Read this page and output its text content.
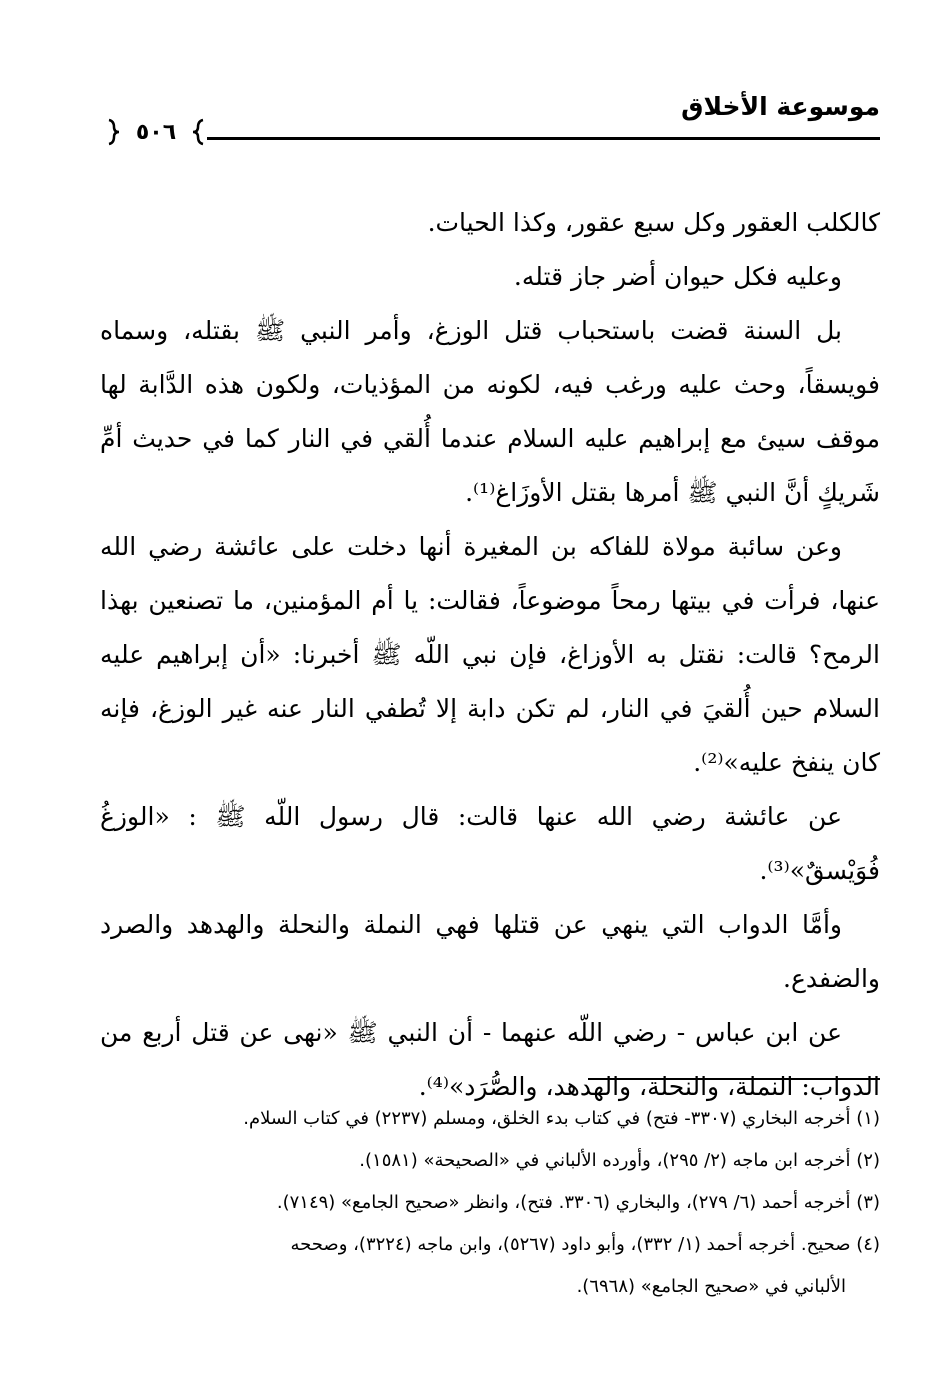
موسوعة الأخلاق
٥٠٦

كالكلب العقور وكل سبع عقور، وكذا الحيات.

وعليه فكل حيوان أضر جاز قتله.

بل السنة قضت باستحباب قتل الوزغ، وأمر النبي ﷺ بقتله، وسماه فويسقاً، وحث عليه ورغب فيه، لكونه من المؤذيات، ولكون هذه الدَّابة لها موقف سيئ مع إبراهيم عليه السلام عندما أُلقي في النار كما في حديث أمِّ شَريكٍ أنَّ النبي ﷺ أمرها بقتل الأوزَاغ⁽¹⁾.

وعن سائبة مولاة للفاكه بن المغيرة أنها دخلت على عائشة رضي الله عنها، فرأت في بيتها رمحاً موضوعاً، فقالت: يا أم المؤمنين، ما تصنعين بهذا الرمح؟ قالت: نقتل به الأوزاغ، فإن نبي اللّه ﷺ أخبرنا: «أن إبراهيم عليه السلام حين أُلقيَ في النار، لم تكن دابة إلا تُطفي النار عنه غير الوزغ، فإنه كان ينفخ عليه»⁽²⁾.

عن عائشة رضي الله عنها قالت: قال رسول اللّه ﷺ : «الوزغُ فُوَيْسقٌ»⁽³⁾.

وأمَّا الدواب التي ينهي عن قتلها فهي النملة والنحلة والهدهد والصرد والضفدع.

عن ابن عباس - رضي اللّه عنهما - أن النبي ﷺ «نهى عن قتل أربع من الدواب: النملة، والنحلة، والهدهد، والصُّرَد»⁽⁴⁾.

(١) أخرجه البخاري (٣٣٠٧- فتح) في كتاب بدء الخلق، ومسلم (٢٢٣٧) في كتاب السلام.

(٢) أخرجه ابن ماجه (٢/ ٢٩٥)، وأورده الألباني في «الصحيحة» (١٥٨١).

(٣) أخرجه أحمد (٦/ ٢٧٩)، والبخاري (٣٣٠٦. فتح)، وانظر «صحيح الجامع» (٧١٤٩).

(٤) صحيح. أخرجه أحمد (١/ ٣٣٢)، وأبو داود (٥٢٦٧)، وابن ماجه (٣٢٢٤)، وصححه

الألباني في «صحيح الجامع» (٦٩٦٨).
